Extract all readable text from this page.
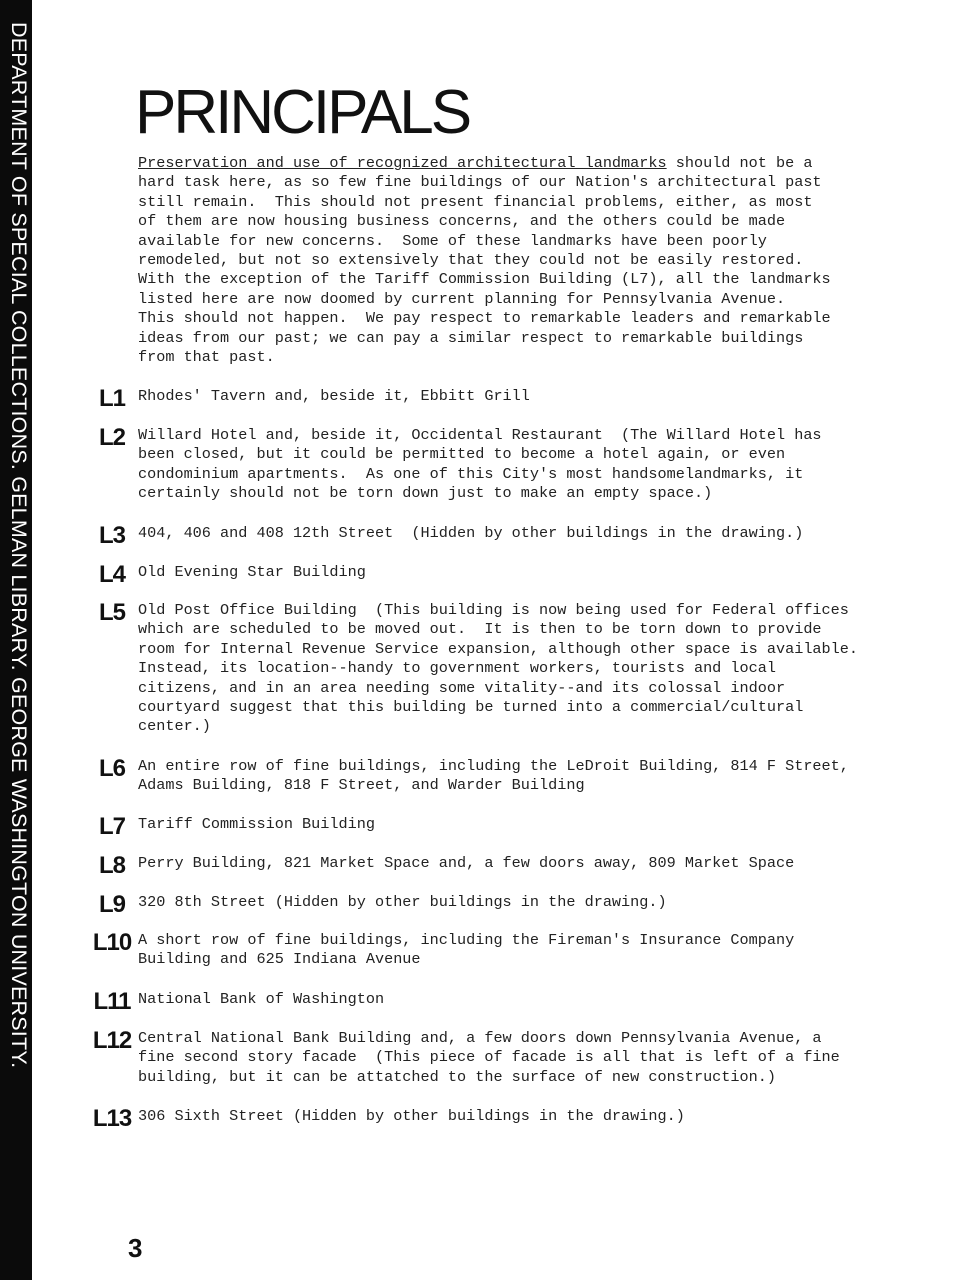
DEPARTMENT OF SPECIAL COLLECTIONS. GELMAN LIBRARY. GEORGE WASHINGTON UNIVERSITY. PRINCIPALS

Preservation and use of recognized architectural landmarks should not be a
hard task here, as so few fine buildings of our Nation's architectural past
still remain.  This should not present financial problems, either, as most
of them are now housing business concerns, and the others could be made
available for new concerns.  Some of these landmarks have been poorly
remodeled, but not so extensively that they could not be easily restored.
With the exception of the Tariff Commission Building (L7), all the landmarks
listed here are now doomed by current planning for Pennsylvania Avenue.
This should not happen.  We pay respect to remarkable leaders and remarkable
ideas from our past; we can pay a similar respect to remarkable buildings
from that past.

L1 Rhodes' Tavern and, beside it, Ebbitt Grill

L2 Willard Hotel and, beside it, Occidental Restaurant  (The Willard Hotel has
been closed, but it could be permitted to become a hotel again, or even
condominium apartments.  As one of this City's most handsomelandmarks, it
certainly should not be torn down just to make an empty space.)

L3 404, 406 and 408 12th Street  (Hidden by other buildings in the drawing.)

L4 Old Evening Star Building

L5 Old Post Office Building  (This building is now being used for Federal offices
which are scheduled to be moved out.  It is then to be torn down to provide
room for Internal Revenue Service expansion, although other space is available.
Instead, its location--handy to government workers, tourists and local
citizens, and in an area needing some vitality--and its colossal indoor
courtyard suggest that this building be turned into a commercial/cultural
center.)

L6 An entire row of fine buildings, including the LeDroit Building, 814 F Street,
Adams Building, 818 F Street, and Warder Building

L7 Tariff Commission Building

L8 Perry Building, 821 Market Space and, a few doors away, 809 Market Space

L9 320 8th Street (Hidden by other buildings in the drawing.)

L10 A short row of fine buildings, including the Fireman's Insurance Company
Building and 625 Indiana Avenue

L11 National Bank of Washington

L12 Central National Bank Building and, a few doors down Pennsylvania Avenue, a
fine second story facade  (This piece of facade is all that is left of a fine
building, but it can be attatched to the surface of new construction.)

L13 306 Sixth Street (Hidden by other buildings in the drawing.)

3
